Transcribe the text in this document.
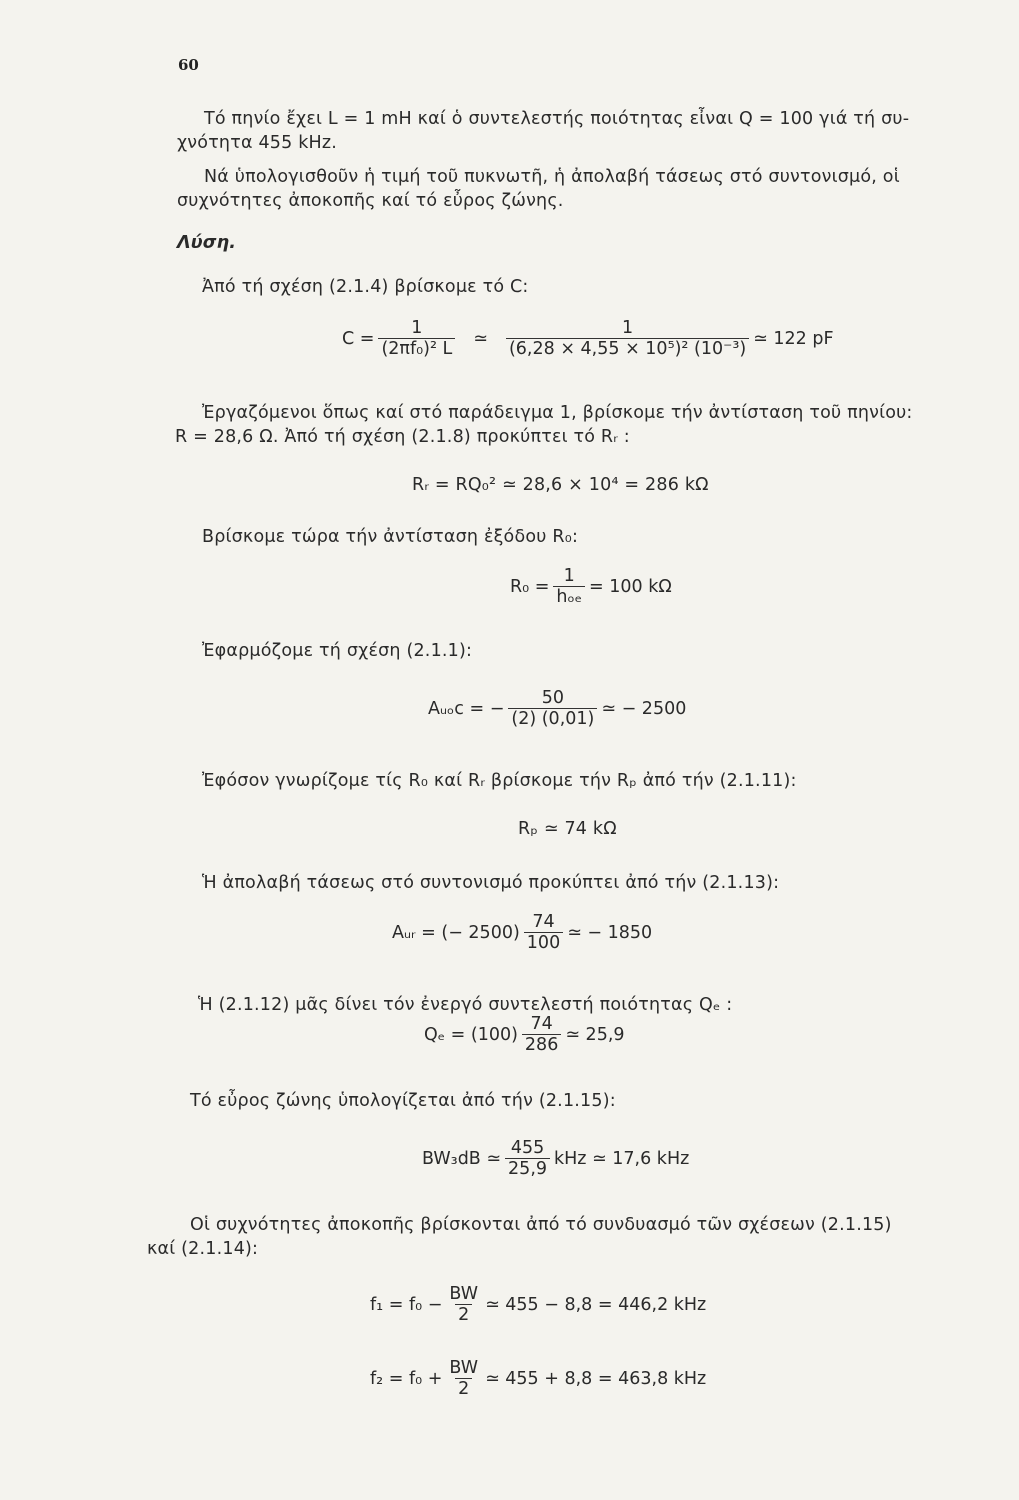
60
Τό πηνίο ἔχει L = 1 mH καί ὁ συντελεστής ποιότητας εἶναι Q = 100 γιά τή συ-
χνότητα 455 kHz.
Νά ὑπολογισθοῦν ἡ τιμή τοῦ πυκνωτῆ, ἡ ἀπολαβή τάσεως στό συντονισμό, οἱ
συχνότητες ἀποκοπῆς καί τό εὖρος ζώνης.
Λύση.
Ἀπό τή σχέση (2.1.4) βρίσκομε τό C:
$C = \frac{1}{\text{(2πf₀)² L}}$ ≃ $\frac{1}{\text{(6,28 × 4,55 × 10⁵)² (10⁻³)}}$ ≃ 122 pF
Ἐργαζόμενοι ὅπως καί στό παράδειγμα 1, βρίσκομε τήν ἀντίσταση τοῦ πηνίου:
R = 28,6 Ω. Ἀπό τή σχέση (2.1.8) προκύπτει τό Rᵣ :
Rᵣ = RQ₀² ≃ 28,6 × 10⁴ = 286 kΩ
Βρίσκομε τώρα τήν ἀντίσταση ἐξόδου R₀:
$R_0 = \frac{1}{\text{hₒₑ}} = 100$ kΩ
Ἐφαρμόζομε τή σχέση (2.1.1):
Aᵤₒc = − $\frac{50}{(2) (0,01)}$ ≃ − 2500
Ἐφόσον γνωρίζομε τίς R₀ καί Rᵣ βρίσκομε τήν Rₚ ἀπό τήν (2.1.11):
Rₚ ≃ 74 kΩ
Ἡ ἀπολαβή τάσεως στό συντονισμό προκύπτει ἀπό τήν (2.1.13):
Aᵤᵣ = (− $2500) \frac{74}{100}$ ≃ − 1850
Ἡ (2.1.12) μᾶς δίνει τόν ἐνεργό συντελεστή ποιότητας Qₑ :
$Q_e = (100) \frac{74}{286}$ ≃ 25,9
Τό εὖρος ζώνης ὑπολογίζεται ἀπό τήν (2.1.15):
BW₃dB ≃ $\frac{455}{25,9}$ kHz ≃ 17,6 kHz
Οἱ συχνότητες ἀποκοπῆς βρίσκονται ἀπό τό συνδυασμό τῶν σχέσεων (2.1.15)
καί (2.1.14):
$f_1 = f_0 - \frac{BW}{2}$ ≃ 455 − 8,8 = 446,2 kHz
$f_2 = f_0 + \frac{BW}{2}$ ≃ 455 + 8,8 = 463,8 kHz
